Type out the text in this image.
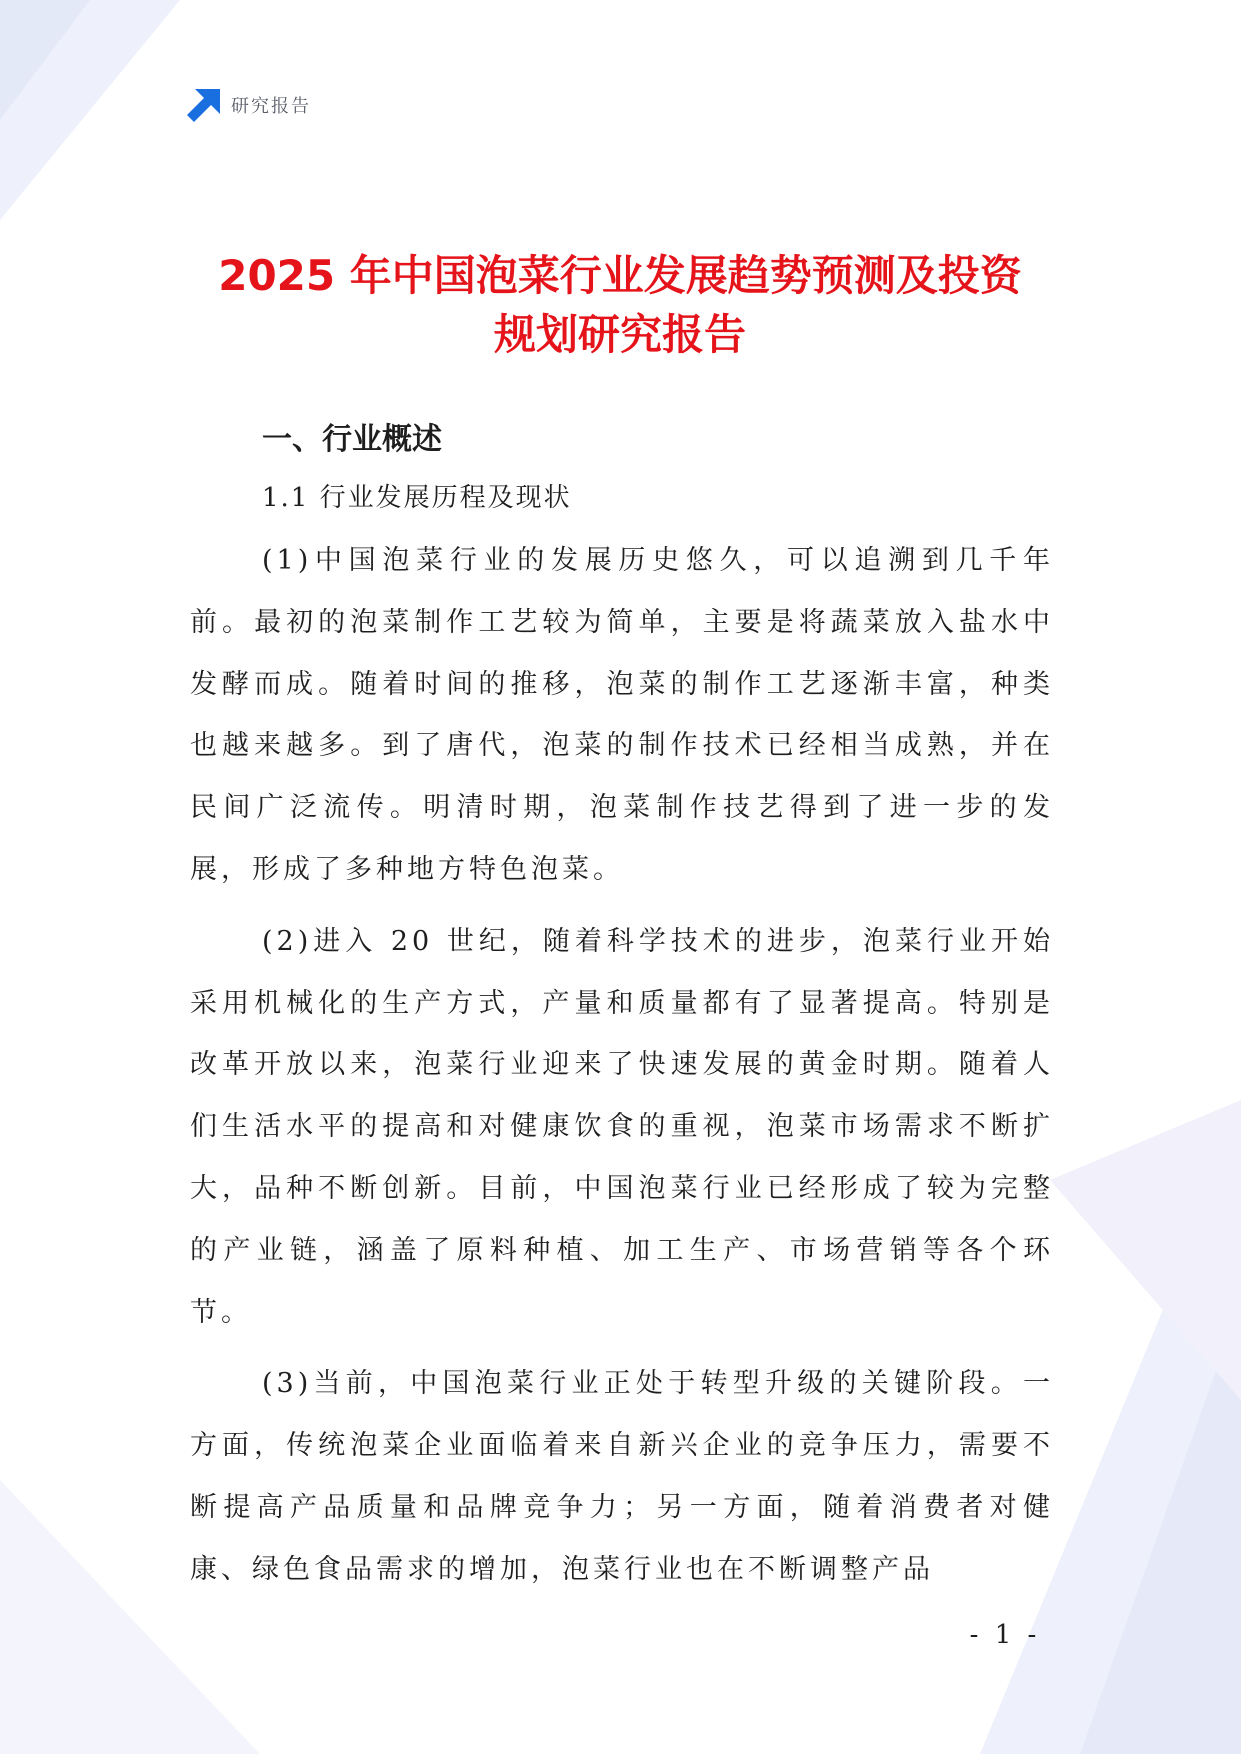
研究报告
2025 年中国泡菜行业发展趋势预测及投资
规划研究报告
一、行业概述
1.1 行业发展历程及现状

(1)中国泡菜行业的发展历史悠久，可以追溯到几千年前。最初的泡菜制作工艺较为简单，主要是将蔬菜放入盐水中发酵而成。随着时间的推移，泡菜的制作工艺逐渐丰富，种类也越来越多。到了唐代，泡菜的制作技术已经相当成熟，并在民间广泛流传。明清时期，泡菜制作技艺得到了进一步的发展，形成了多种地方特色泡菜。

(2)进入 20 世纪，随着科学技术的进步，泡菜行业开始采用机械化的生产方式，产量和质量都有了显著提高。特别是改革开放以来，泡菜行业迎来了快速发展的黄金时期。随着人们生活水平的提高和对健康饮食的重视，泡菜市场需求不断扩大，品种不断创新。目前，中国泡菜行业已经形成了较为完整的产业链，涵盖了原料种植、加工生产、市场营销等各个环节。

(3)当前，中国泡菜行业正处于转型升级的关键阶段。一方面，传统泡菜企业面临着来自新兴企业的竞争压力，需要不断提高产品质量和品牌竞争力；另一方面，随着消费者对健康、绿色食品需求的增加，泡菜行业也在不断调整产品

- 1 -
